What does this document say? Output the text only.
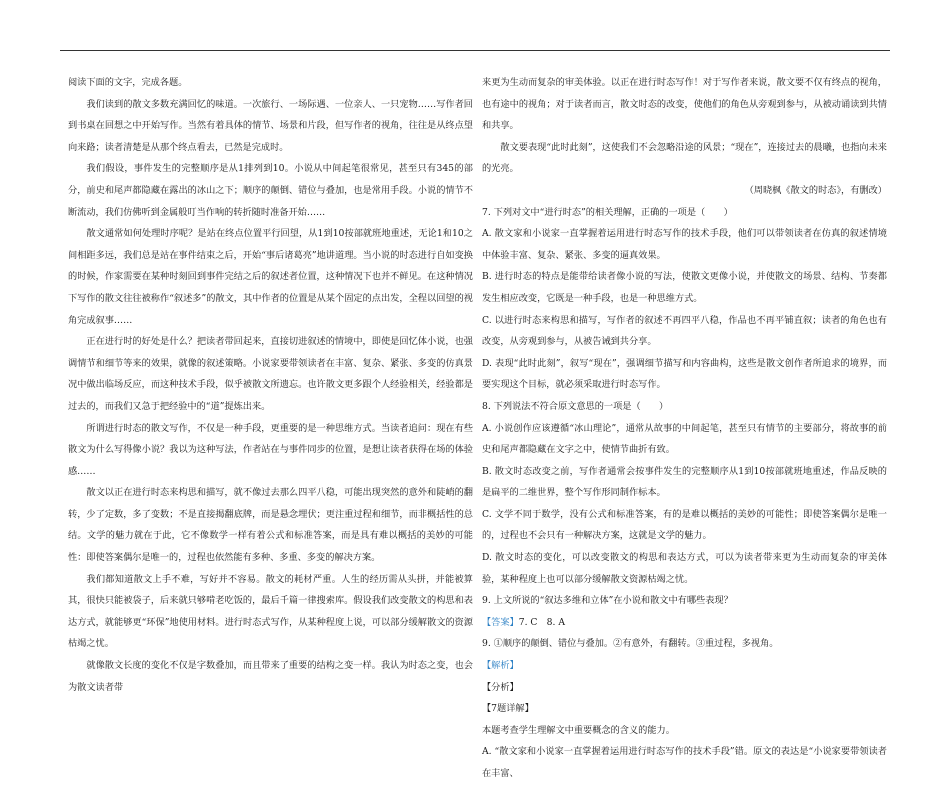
阅读下面的文字，完成各题。

我们读到的散文多数充满回忆的味道。一次旅行、一场际遇、一位亲人、一只宠物……写作者回到书桌在回想之中开始写作。当然有着具体的情节、场景和片段，但写作者的视角，往往是从终点望向来路；读者清楚是从那个终点看去，已然是完成时。

我们假设，事件发生的完整顺序是从1排列到10。小说从中间起笔很常见，甚至只有345的部分，前史和尾声都隐藏在露出的冰山之下；顺序的颠倒、错位与叠加，也是常用手段。小说的情节不断流动，我们仿佛听到金属般叮当作响的转折随时准备开始……

散文通常如何处理时序呢？是站在终点位置平行回望，从1到10按部就班地重述，无论1和10之间相距多远，我们总是站在事件结束之后，开始“事后诸葛亮”地讲道理。当小说的时态进行自如变换的时候，作家需要在某种时刻回到事件完结之后的叙述者位置，这种情况下也并不鲜见。在这种情况下写作的散文往往被称作“叙述多”的散文，其中作者的位置是从某个固定的点出发，全程以回望的视角完成叙事……

正在进行时的好处是什么？把读者带回起来，直接切进叙述的情境中，即使是回忆体小说，也强调情节和细节等来的效果，就像的叙述策略。小说家要带领读者在丰富、复杂、紧张、多变的仿真景况中做出临场反应，而这种技术手段，似乎被散文所遗忘。也许散文更多跟个人经验相关，经验都是过去的，而我们又急于把经验中的“道”提炼出来。

所谓进行时态的散文写作，不仅是一种手段，更重要的是一种思维方式。当读者追问：现在有些散文为什么写得像小说？我以为这种写法，作者站在与事件同步的位置，是想让读者获得在场的体验感……

散文以正在进行时态来构思和描写，就不像过去那么四平八稳，可能出现突然的意外和陡峭的翻转，少了定数，多了变数；不是直接揭翻底牌，而是悬念埋伏；更注重过程和细节，而非概括性的总结。文学的魅力就在于此，它不像数学一样有着公式和标准答案，而是具有难以概括的美妙的可能性：即使答案偶尔是唯一的，过程也依然能有多种、多重、多变的解决方案。

我们都知道散文上手不难，写好并不容易。散文的耗材严重。人生的经历需从头拼，并能被算其，很快只能被袋子，后来就只够啃老吃饭的，最后千篇一律搜索库。假设我们改变散文的构思和表达方式，就能够更“环保”地使用材料。进行时态式写作，从某种程度上说，可以部分缓解散文的资源枯竭之忧。

就像散文长度的变化不仅是字数叠加，而且带来了重要的结构之变一样。我认为时态之变，也会为散文读者带

来更为生动而复杂的审美体验。以正在进行时态写作！对于写作者来说，散文要不仅有终点的视角，也有途中的视角；对于读者而言，散文时态的改变，使他们的角色从旁观到参与，从被动诵读到共情和共享。

散文要表现“此时此刻”，这使我们不会忽略沿途的风景；“现在”，连接过去的晨曦，也指向未来的光亮。

（周晓枫《散文的时态》，有删改）

7. 下列对文中“进行时态”的相关理解，正确的一项是（　　）

A. 散文家和小说家一直掌握着运用进行时态写作的技术手段，他们可以带领读者在仿真的叙述情境中体验丰富、复杂、紧张、多变的逼真效果。

B. 进行时态的特点是能带给读者像小说的写法，使散文更像小说，并使散文的场景、结构、节奏都发生相应改变，它既是一种手段，也是一种思维方式。

C. 以进行时态来构思和描写，写作者的叙述不再四平八稳，作品也不再平铺直叙；读者的角色也有改变，从旁观到参与，从被告诫到共分享。

D. 表现“此时此刻”，叙写“现在”，强调细节描写和内容曲构，这些是散文创作者所追求的境界，而要实现这个目标，就必须采取进行时态写作。

8. 下列说法不符合原文意思的一项是（　　）

A. 小说创作应该遵循“冰山理论”，通常从故事的中间起笔，甚至只有情节的主要部分，将故事的前史和尾声都隐藏在文字之中，使情节曲折有致。

B. 散文时态改变之前，写作者通常会按事件发生的完整顺序从1到10按部就班地重述，作品反映的是扁平的二维世界，整个写作形同制作标本。

C. 文学不同于数学，没有公式和标准答案，有的是难以概括的美妙的可能性；即使答案偶尔是唯一的，过程也不会只有一种解决方案，这就是文学的魅力。

D. 散文时态的变化，可以改变散文的构思和表达方式，可以为读者带来更为生动而复杂的审美体验，某种程度上也可以部分缓解散文资源枯竭之忧。

9. 上文所说的“叙达多维和立体”在小说和散文中有哪些表现？

【答案】7. C　8. A

9. ①顺序的颠倒、错位与叠加。②有意外，有翻转。③重过程，多视角。

【解析】

【分析】

【7题详解】

本题考查学生理解文中重要概念的含义的能力。

A. “散文家和小说家一直掌握着运用进行时态写作的技术手段”错。原文的表达是“小说家要带领读者在丰富、
